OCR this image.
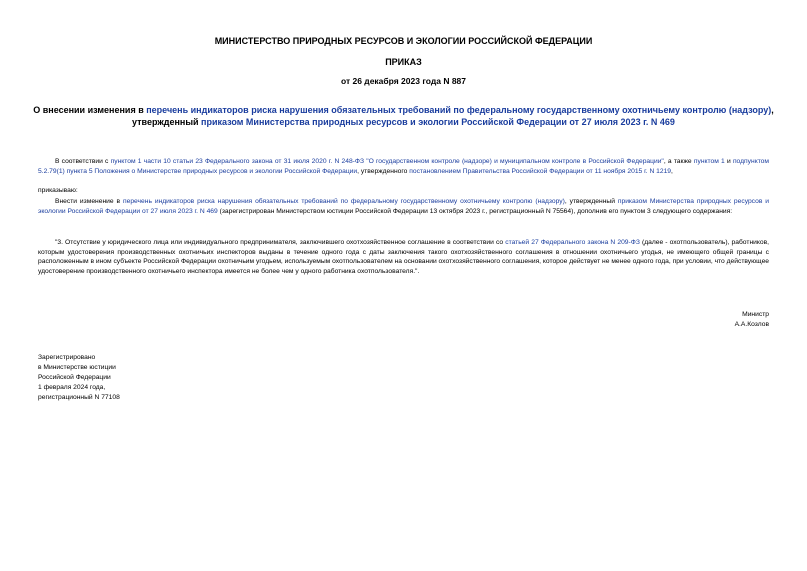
МИНИСТЕРСТВО ПРИРОДНЫХ РЕСУРСОВ И ЭКОЛОГИИ РОССИЙСКОЙ ФЕДЕРАЦИИ
ПРИКАЗ
от 26 декабря 2023 года N 887
О внесении изменения в перечень индикаторов риска нарушения обязательных требований по федеральному государственному охотничьему контролю (надзору), утвержденный приказом Министерства природных ресурсов и экологии Российской Федерации от 27 июля 2023 г. N 469
В соответствии с пунктом 1 части 10 статьи 23 Федерального закона от 31 июля 2020 г. N 248-ФЗ "О государственном контроле (надзоре) и муниципальном контроле в Российской Федерации", а также пунктом 1 и подпунктом 5.2.79(1) пункта 5 Положения о Министерстве природных ресурсов и экологии Российской Федерации, утвержденного постановлением Правительства Российской Федерации от 11 ноября 2015 г. N 1219,
приказываю:
Внести изменение в перечень индикаторов риска нарушения обязательных требований по федеральному государственному охотничьему контролю (надзору), утвержденный приказом Министерства природных ресурсов и экологии Российской Федерации от 27 июля 2023 г. N 469 (зарегистрирован Министерством юстиции Российской Федерации 13 октября 2023 г., регистрационный N 75564), дополнив его пунктом 3 следующего содержания:
"3. Отсутствие у юридического лица или индивидуального предпринимателя, заключившего охотхозяйственное соглашение в соответствии со статьей 27 Федерального закона N 209-ФЗ (далее - охотпользователь), работников, которым удостоверения производственных охотничьих инспекторов выданы в течение одного года с даты заключения такого охотхозяйственного соглашения в отношении охотничьего угодья, не имеющего общей границы с расположенным в ином субъекте Российской Федерации охотничьим угодьем, используемым охотпользователем на основании охотхозяйственного соглашения, которое действует не менее одного года, при условии, что действующее удостоверение производственного охотничьего инспектора имеется не более чем у одного работника охотпользователя.".
Министр
А.А.Козлов
Зарегистрировано
в Министерстве юстиции
Российской Федерации
1 февраля 2024 года,
регистрационный N 77108
